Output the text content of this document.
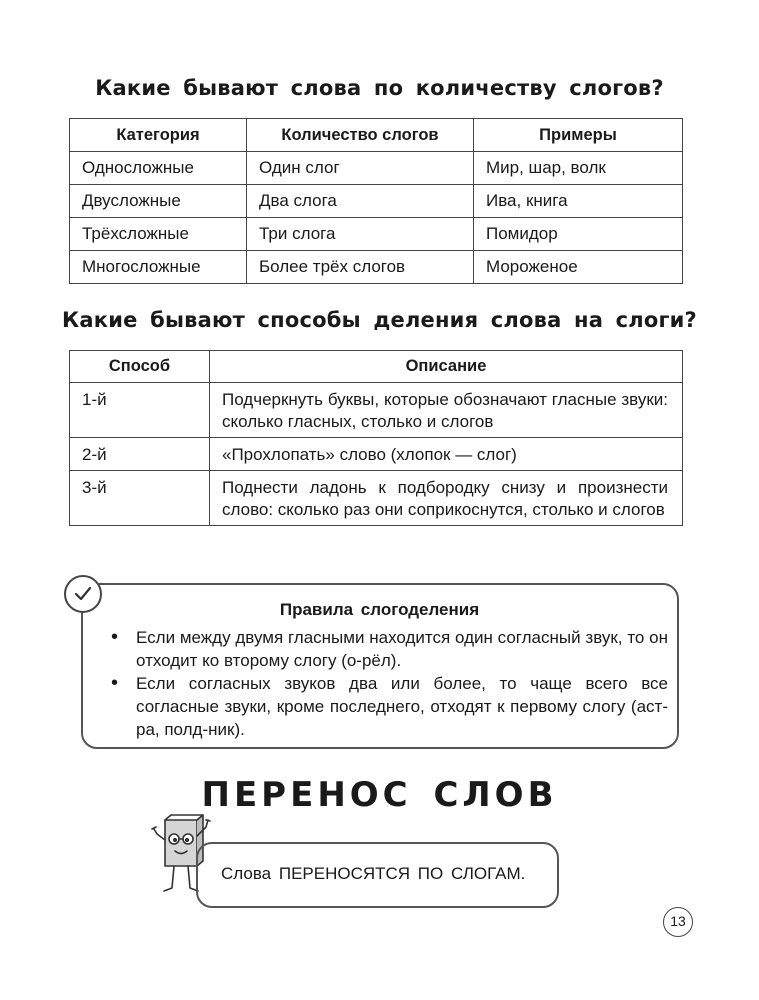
Какие бывают слова по количеству слогов?
Категория	Количество слогов	Примеры
Односложные	Один слог	Мир, шар, волк
Двусложные	Два слога	Ива, книга
Трёхсложные	Три слога	Помидор
Многосложные	Более трёх слогов	Мороженое
Какие бывают способы деления слова на слоги?
Способ	Описание
1-й	Подчеркнуть буквы, которые обозначают гласные звуки: сколько гласных, столько и слогов
2-й	«Прохлопать» слово (хлопок — слог)
3-й	Поднести ладонь к подбородку снизу и произнести слово: сколько раз они соприкоснутся, столько и слогов
Правила слогоделения
• Если между двумя гласными находится один согласный звук, то он отходит ко второму слогу (о-рёл).
• Если согласных звуков два или более, то чаще всего все согласные звуки, кроме последнего, отходят к первому слогу (аст-ра, полд-ник).
ПЕРЕНОС СЛОВ
Слова ПЕРЕНОСЯТСЯ ПО СЛОГАМ.
13
